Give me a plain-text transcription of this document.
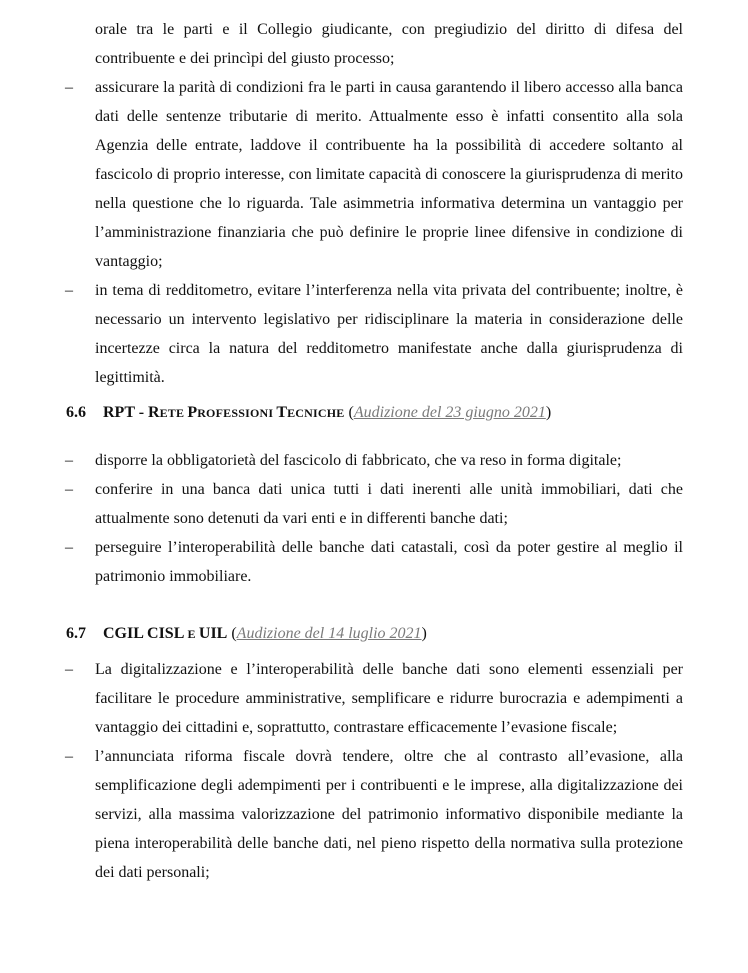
orale tra le parti e il Collegio giudicante, con pregiudizio del diritto di difesa del contribuente e dei princìpi del giusto processo;

–	assicurare la parità di condizioni fra le parti in causa garantendo il libero accesso alla banca dati delle sentenze tributarie di merito. Attualmente esso è infatti consentito alla sola Agenzia delle entrate, laddove il contribuente ha la possibilità di accedere soltanto al fascicolo di proprio interesse, con limitate capacità di conoscere la giurisprudenza di merito nella questione che lo riguarda. Tale asimmetria informativa determina un vantaggio per l’amministrazione finanziaria che può definire le proprie linee difensive in condizione di vantaggio;
–	in tema di redditometro, evitare l’interferenza nella vita privata del contribuente; inoltre, è necessario un intervento legislativo per ridisciplinare la materia in considerazione delle incertezze circa la natura del redditometro manifestate anche dalla giurisprudenza di legittimità.
6.6 RPT - RETE PROFESSIONI TECNICHE (Audizione del 23 giugno 2021)
–	disporre la obbligatorietà del fascicolo di fabbricato, che va reso in forma digitale;
–	conferire in una banca dati unica tutti i dati inerenti alle unità immobiliari, dati che attualmente sono detenuti da vari enti e in differenti banche dati;
–	perseguire l’interoperabilità delle banche dati catastali, così da poter gestire al meglio il patrimonio immobiliare.
6.7 CGIL CISL E UIL (Audizione del 14 luglio 2021)
–	La digitalizzazione e l’interoperabilità delle banche dati sono elementi essenziali per facilitare le procedure amministrative, semplificare e ridurre burocrazia e adempimenti a vantaggio dei cittadini e, soprattutto, contrastare efficacemente l’evasione fiscale;
–	l’annunciata riforma fiscale dovrà tendere, oltre che al contrasto all’evasione, alla semplificazione degli adempimenti per i contribuenti e le imprese, alla digitalizzazione dei servizi, alla massima valorizzazione del patrimonio informativo disponibile mediante la piena interoperabilità delle banche dati, nel pieno rispetto della normativa sulla protezione dei dati personali;
